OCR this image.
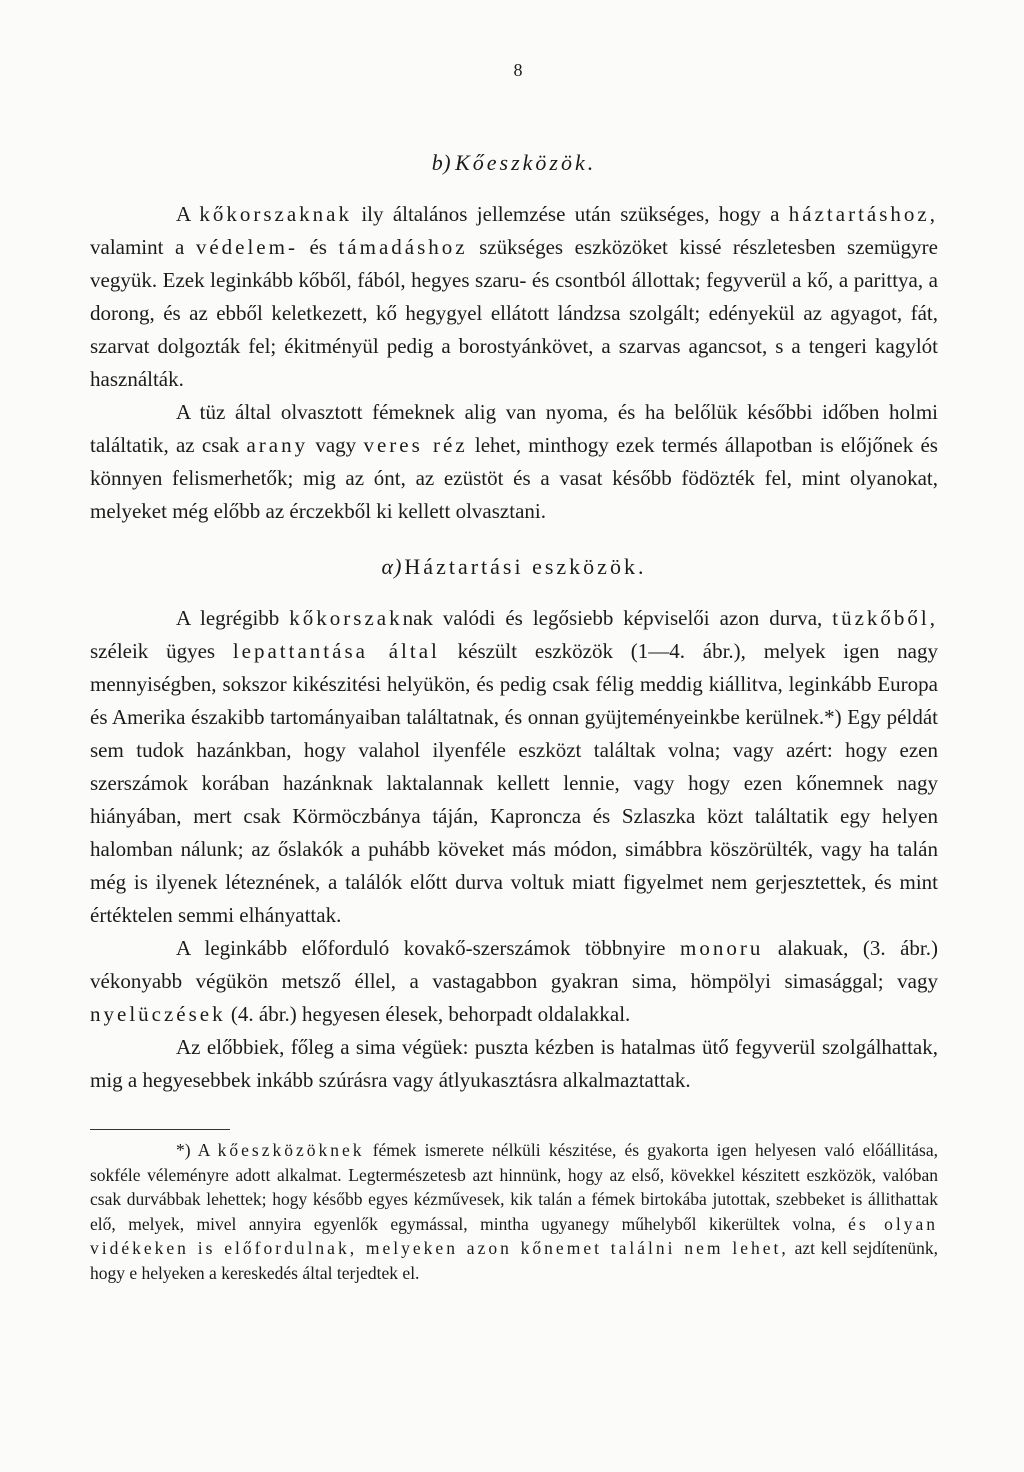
8
b) Kőeszközök.

A kőkorszaknak ily általános jellemzése után szükséges, hogy a háztartáshoz, valamint a védelem- és támadáshoz szükséges eszközöket kissé részletesben szemügyre vegyük. Ezek leginkább kőből, fából, hegyes szaru- és csontból állottak; fegyverül a kő, a parittya, a dorong, és az ebből keletkezett, kő hegygyel ellátott lándzsa szolgált; edényekül az agyagot, fát, szarvat dolgozták fel; ékitményül pedig a borostyánkövet, a szarvas agancsot, s a tengeri kagylót használták.

A tüz által olvasztott fémeknek alig van nyoma, és ha belőlük későbbi időben holmi találtatik, az csak arany vagy veres réz lehet, minthogy ezek termés állapotban is előjőnek és könnyen felismerhetők; mig az ónt, az ezüstöt és a vasat később födözték fel, mint olyanokat, melyeket még előbb az érczekből ki kellett olvasztani.

α)Háztartási eszközök.

A legrégibb kőkorszaknak valódi és legősiebb képviselői azon durva, tüzkőből, széleik ügyes lepattantása által készült eszközök (1—4. ábr.), melyek igen nagy mennyiségben, sokszor kikészitési helyükön, és pedig csak félig meddig kiállitva, leginkább Europa és Amerika északibb tartományaiban találtatnak, és onnan gyüjteményeinkbe kerülnek.*) Egy példát sem tudok hazánkban, hogy valahol ilyenféle eszközt találtak volna; vagy azért: hogy ezen szerszámok korában hazánknak laktalannak kellett lennie, vagy hogy ezen kőnemnek nagy hiányában, mert csak Körmöczbánya táján, Kaproncza és Szlaszka közt találtatik egy helyen halomban nálunk; az őslakók a puhább köveket más módon, simábbra köszörülték, vagy ha talán még is ilyenek léteznének, a találók előtt durva voltuk miatt figyelmet nem gerjesztettek, és mint értéktelen semmi elhányattak.

A leginkább előforduló kovakő-szerszámok többnyire monoru alakuak, (3. ábr.) vékonyabb végükön metsző éllel, a vastagabbon gyakran sima, hömpölyi simasággal; vagy nyelüczések (4. ábr.) hegyesen élesek, behorpadt oldalakkal.

Az előbbiek, főleg a sima végüek: puszta kézben is hatalmas ütő fegyverül szolgálhattak, mig a hegyesebbek inkább szúrásra vagy átlyukasztásra alkalmaztattak.

*) A kőeszközöknek fémek ismerete nélküli készitése, és gyakorta igen helyesen való előállitása, sokféle véleményre adott alkalmat. Legtermészetesb azt hinnünk, hogy az első, kövekkel készitett eszközök, valóban csak durvábbak lehettek; hogy később egyes kézművesek, kik talán a fémek birtokába jutottak, szebbeket is állithattak elő, melyek, mivel annyira egyenlők egymással, mintha ugyanegy műhelyből kikerültek volna, és olyan vidékeken is előfordulnak, melyeken azon kőnemet találni nem lehet, azt kell sejdítenünk, hogy e helyeken a kereskedés által terjedtek el.
